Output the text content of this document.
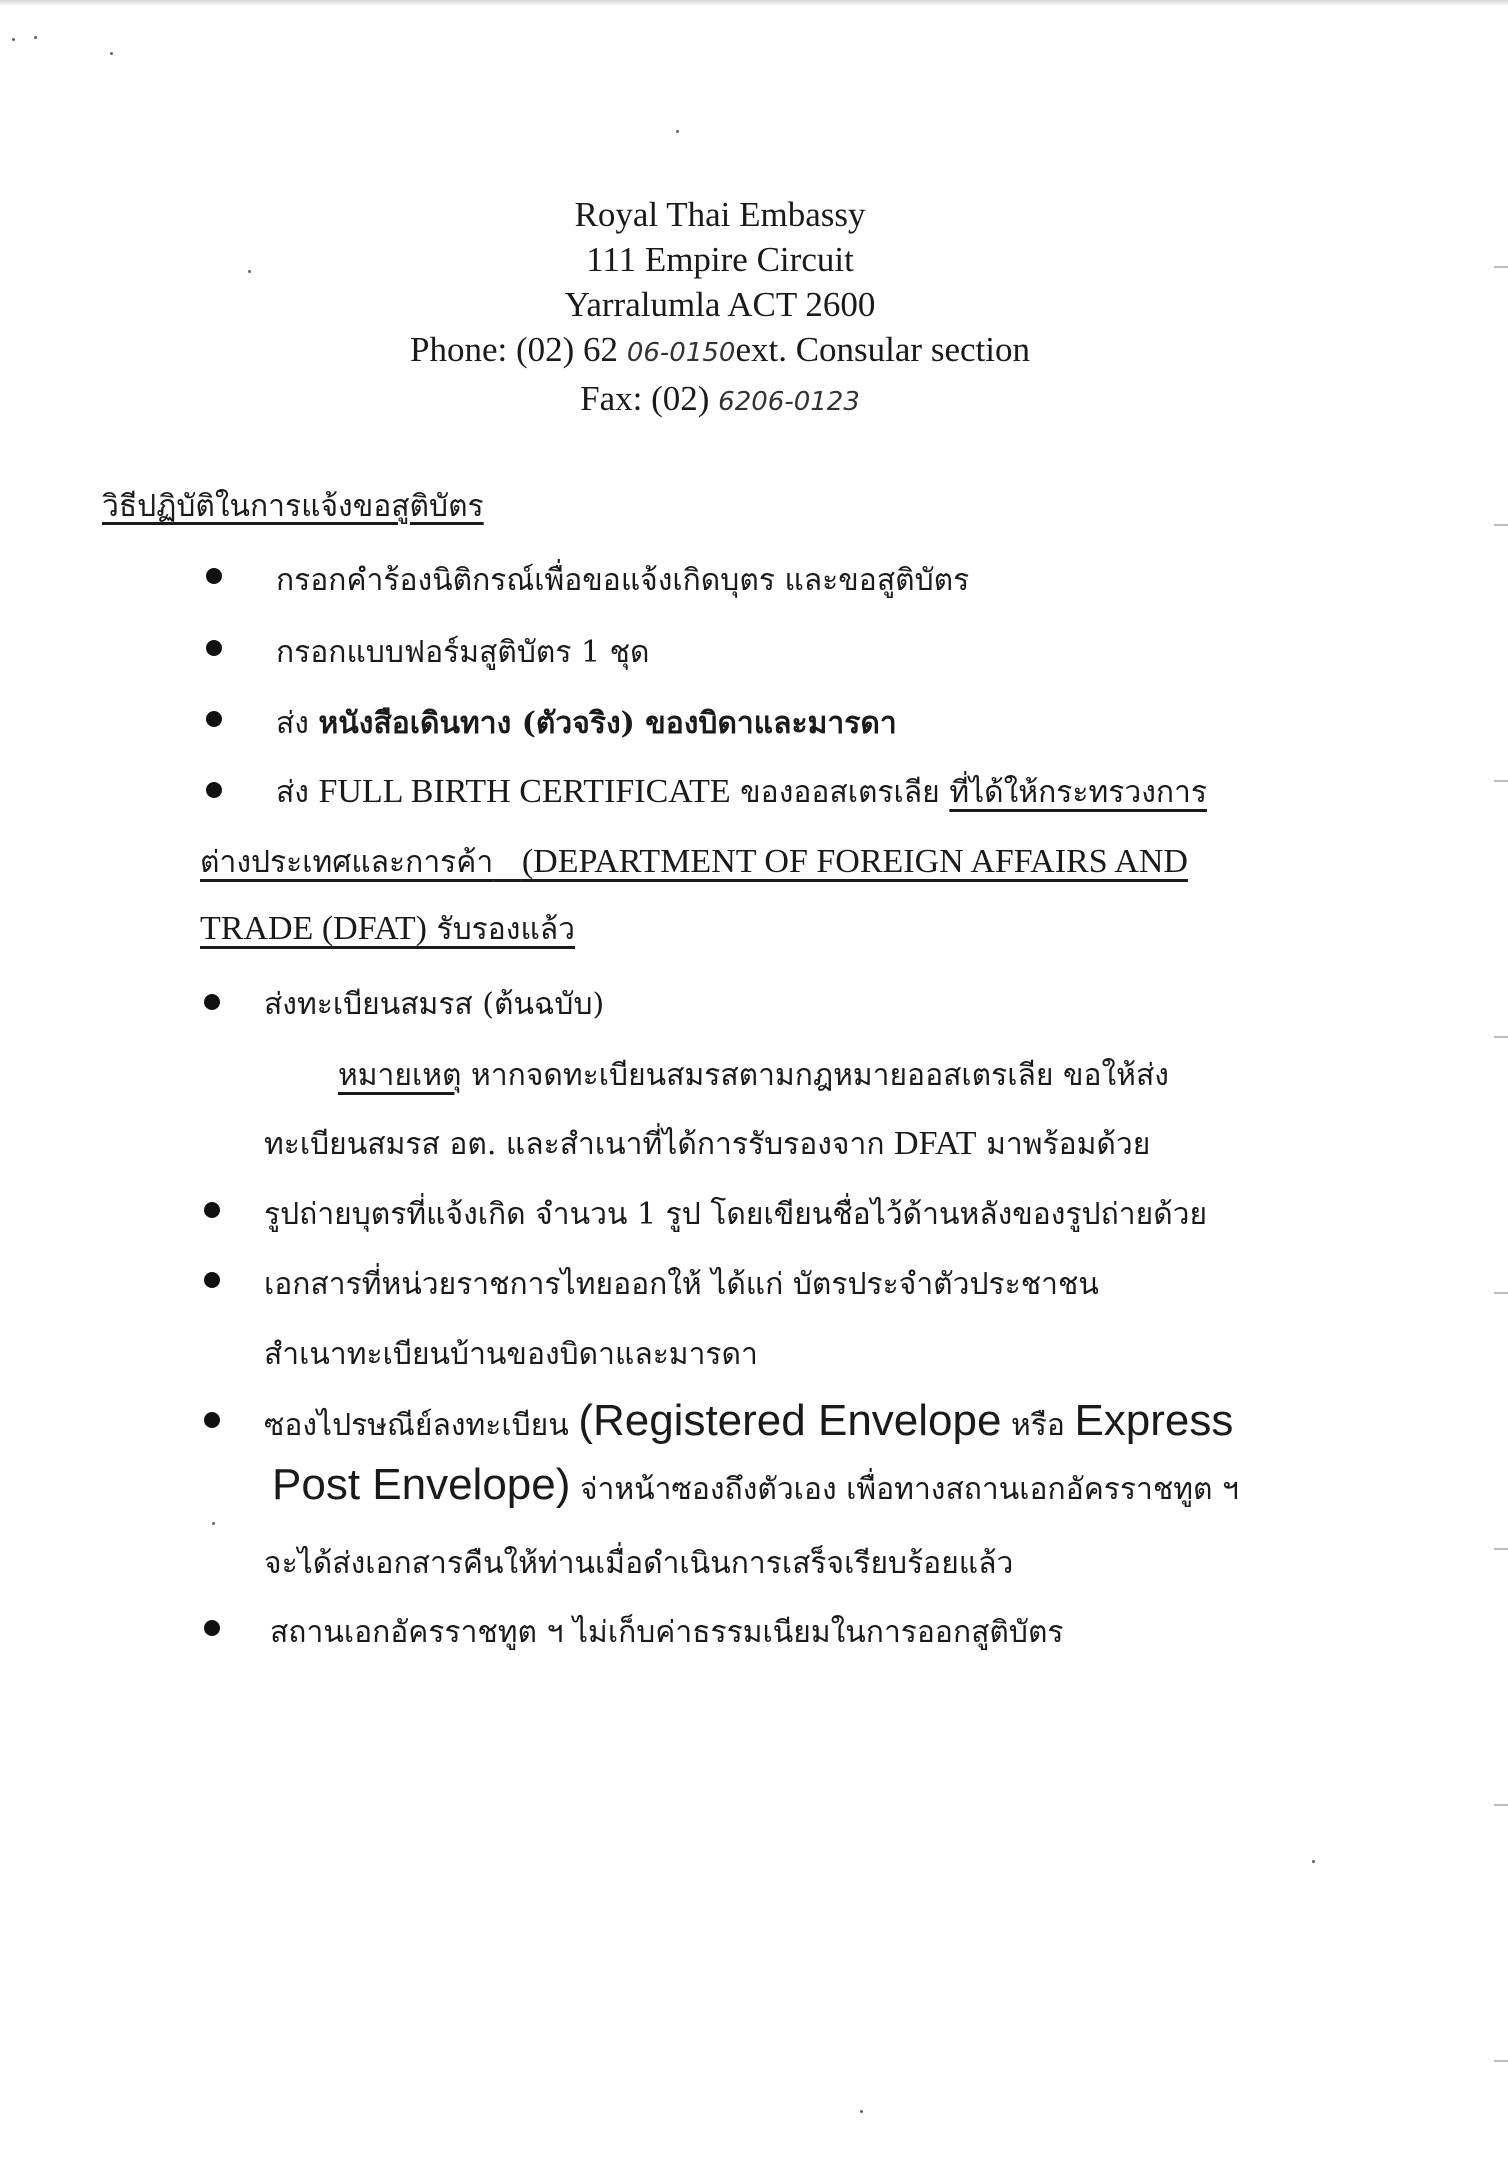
Royal Thai Embassy
111 Empire Circuit
Yarralumla ACT 2600
Phone: (02) 62 06-0150ext. Consular section
Fax: (02) 6206-0123
วิธีปฏิบัติในการแจ้งขอสูติบัตร
กรอกคำร้องนิติกรณ์เพื่อขอแจ้งเกิดบุตร และขอสูติบัตร
กรอกแบบฟอร์มสูติบัตร 1 ชุด
ส่ง หนังสือเดินทาง (ตัวจริง) ของบิดาและมารดา
ส่ง FULL BIRTH CERTIFICATE ของออสเตรเลีย ที่ได้ให้กระทรวงการ
ต่างประเทศและการค้า (DEPARTMENT OF FOREIGN AFFAIRS AND
TRADE (DFAT) รับรองแล้ว
ส่งทะเบียนสมรส (ต้นฉบับ)
หมายเหตุ หากจดทะเบียนสมรสตามกฎหมายออสเตรเลีย ขอให้ส่ง
ทะเบียนสมรส อต. และสำเนาที่ได้การรับรองจาก DFAT มาพร้อมด้วย
รูปถ่ายบุตรที่แจ้งเกิด จำนวน 1 รูป โดยเขียนชื่อไว้ด้านหลังของรูปถ่ายด้วย
เอกสารที่หน่วยราชการไทยออกให้ ได้แก่ บัตรประจำตัวประชาชน
สำเนาทะเบียนบ้านของบิดาและมารดา
ซองไปรษณีย์ลงทะเบียน (Registered Envelope หรือ Express
Post Envelope) จ่าหน้าซองถึงตัวเอง เพื่อทางสถานเอกอัครราชทูต ฯ
จะได้ส่งเอกสารคืนให้ท่านเมื่อดำเนินการเสร็จเรียบร้อยแล้ว
สถานเอกอัครราชทูต ฯ ไม่เก็บค่าธรรมเนียมในการออกสูติบัตร
